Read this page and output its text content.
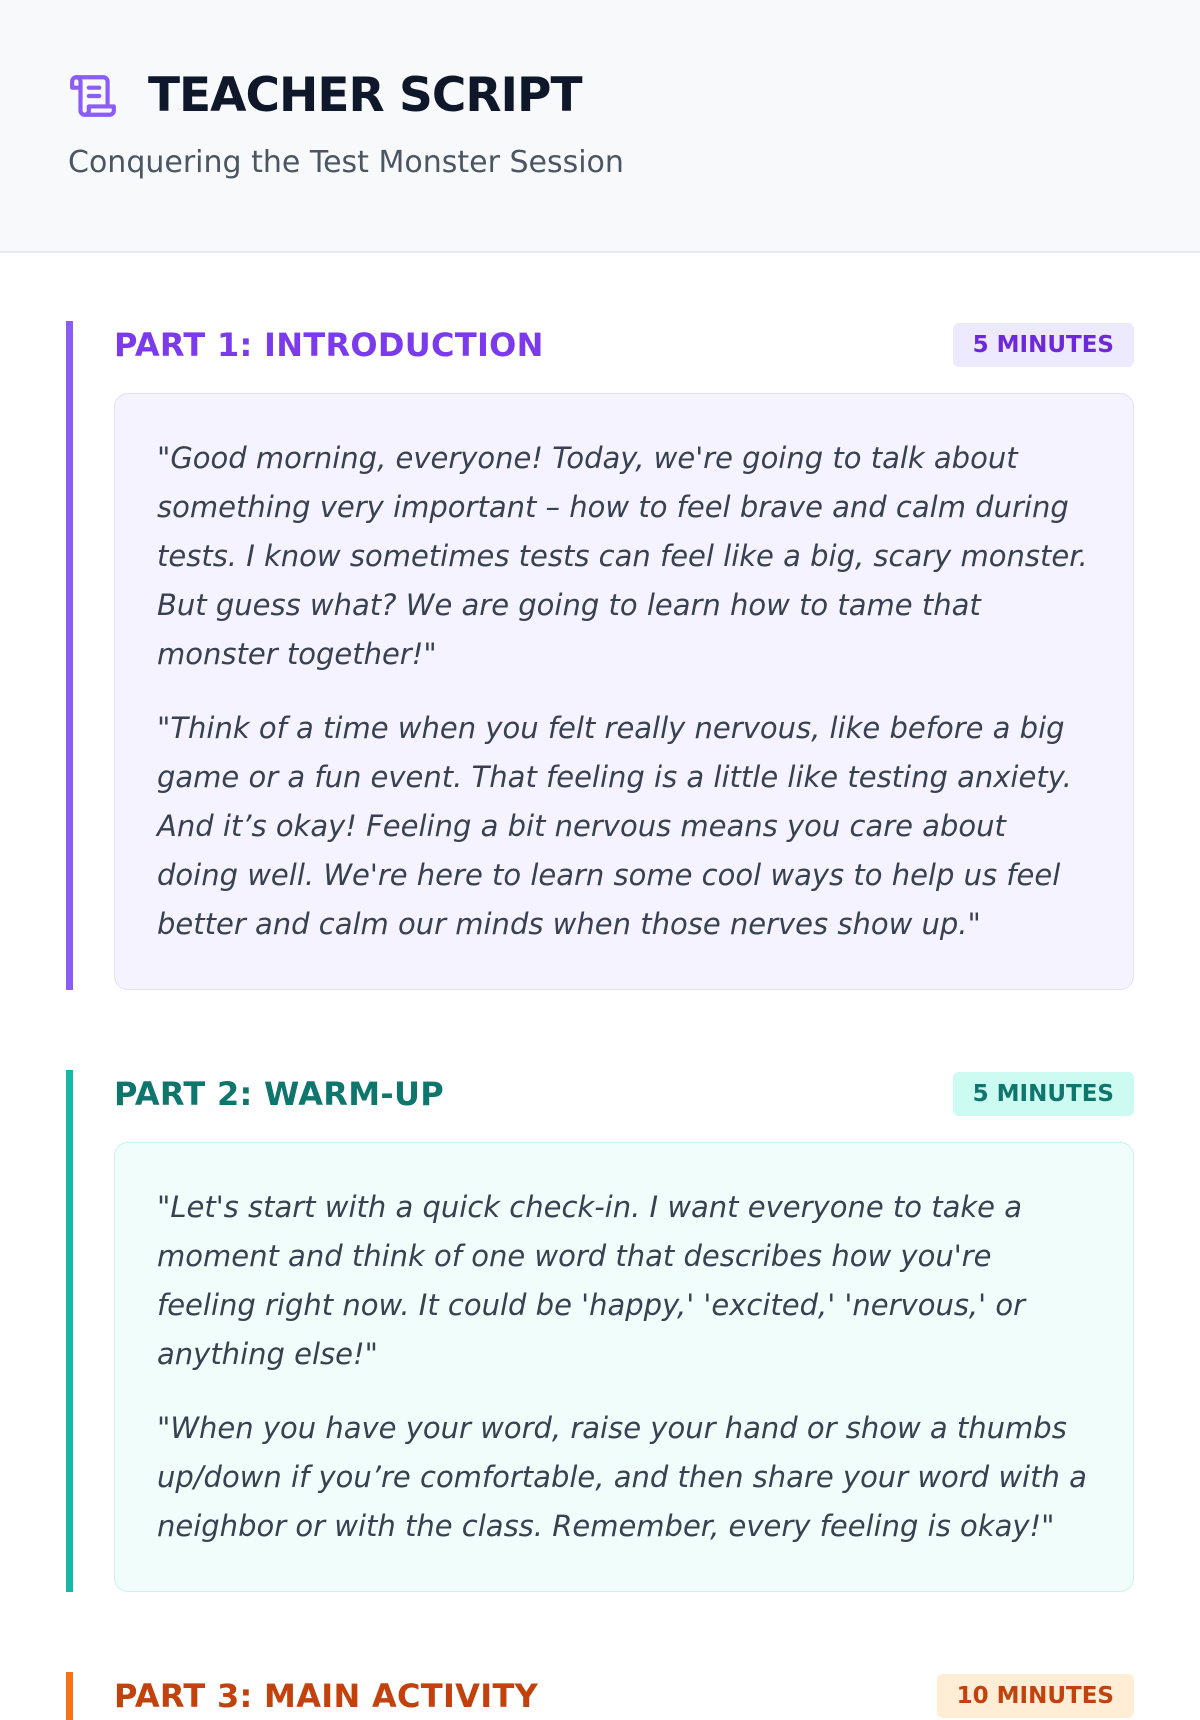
TEACHER SCRIPT
Conquering the Test Monster Session
PART 1: INTRODUCTION	5 MINUTES

"Good morning, everyone! Today, we're going to talk about something very important – how to feel brave and calm during tests. I know sometimes tests can feel like a big, scary monster. But guess what? We are going to learn how to tame that monster together!"

"Think of a time when you felt really nervous, like before a big game or a fun event. That feeling is a little like testing anxiety. And it’s okay! Feeling a bit nervous means you care about doing well. We're here to learn some cool ways to help us feel better and calm our minds when those nerves show up."

PART 2: WARM-UP	5 MINUTES

"Let's start with a quick check-in. I want everyone to take a moment and think of one word that describes how you're feeling right now. It could be 'happy,' 'excited,' 'nervous,' or anything else!"

"When you have your word, raise your hand or show a thumbs up/down if you’re comfortable, and then share your word with a neighbor or with the class. Remember, every feeling is okay!"

PART 3: MAIN ACTIVITY	10 MINUTES
